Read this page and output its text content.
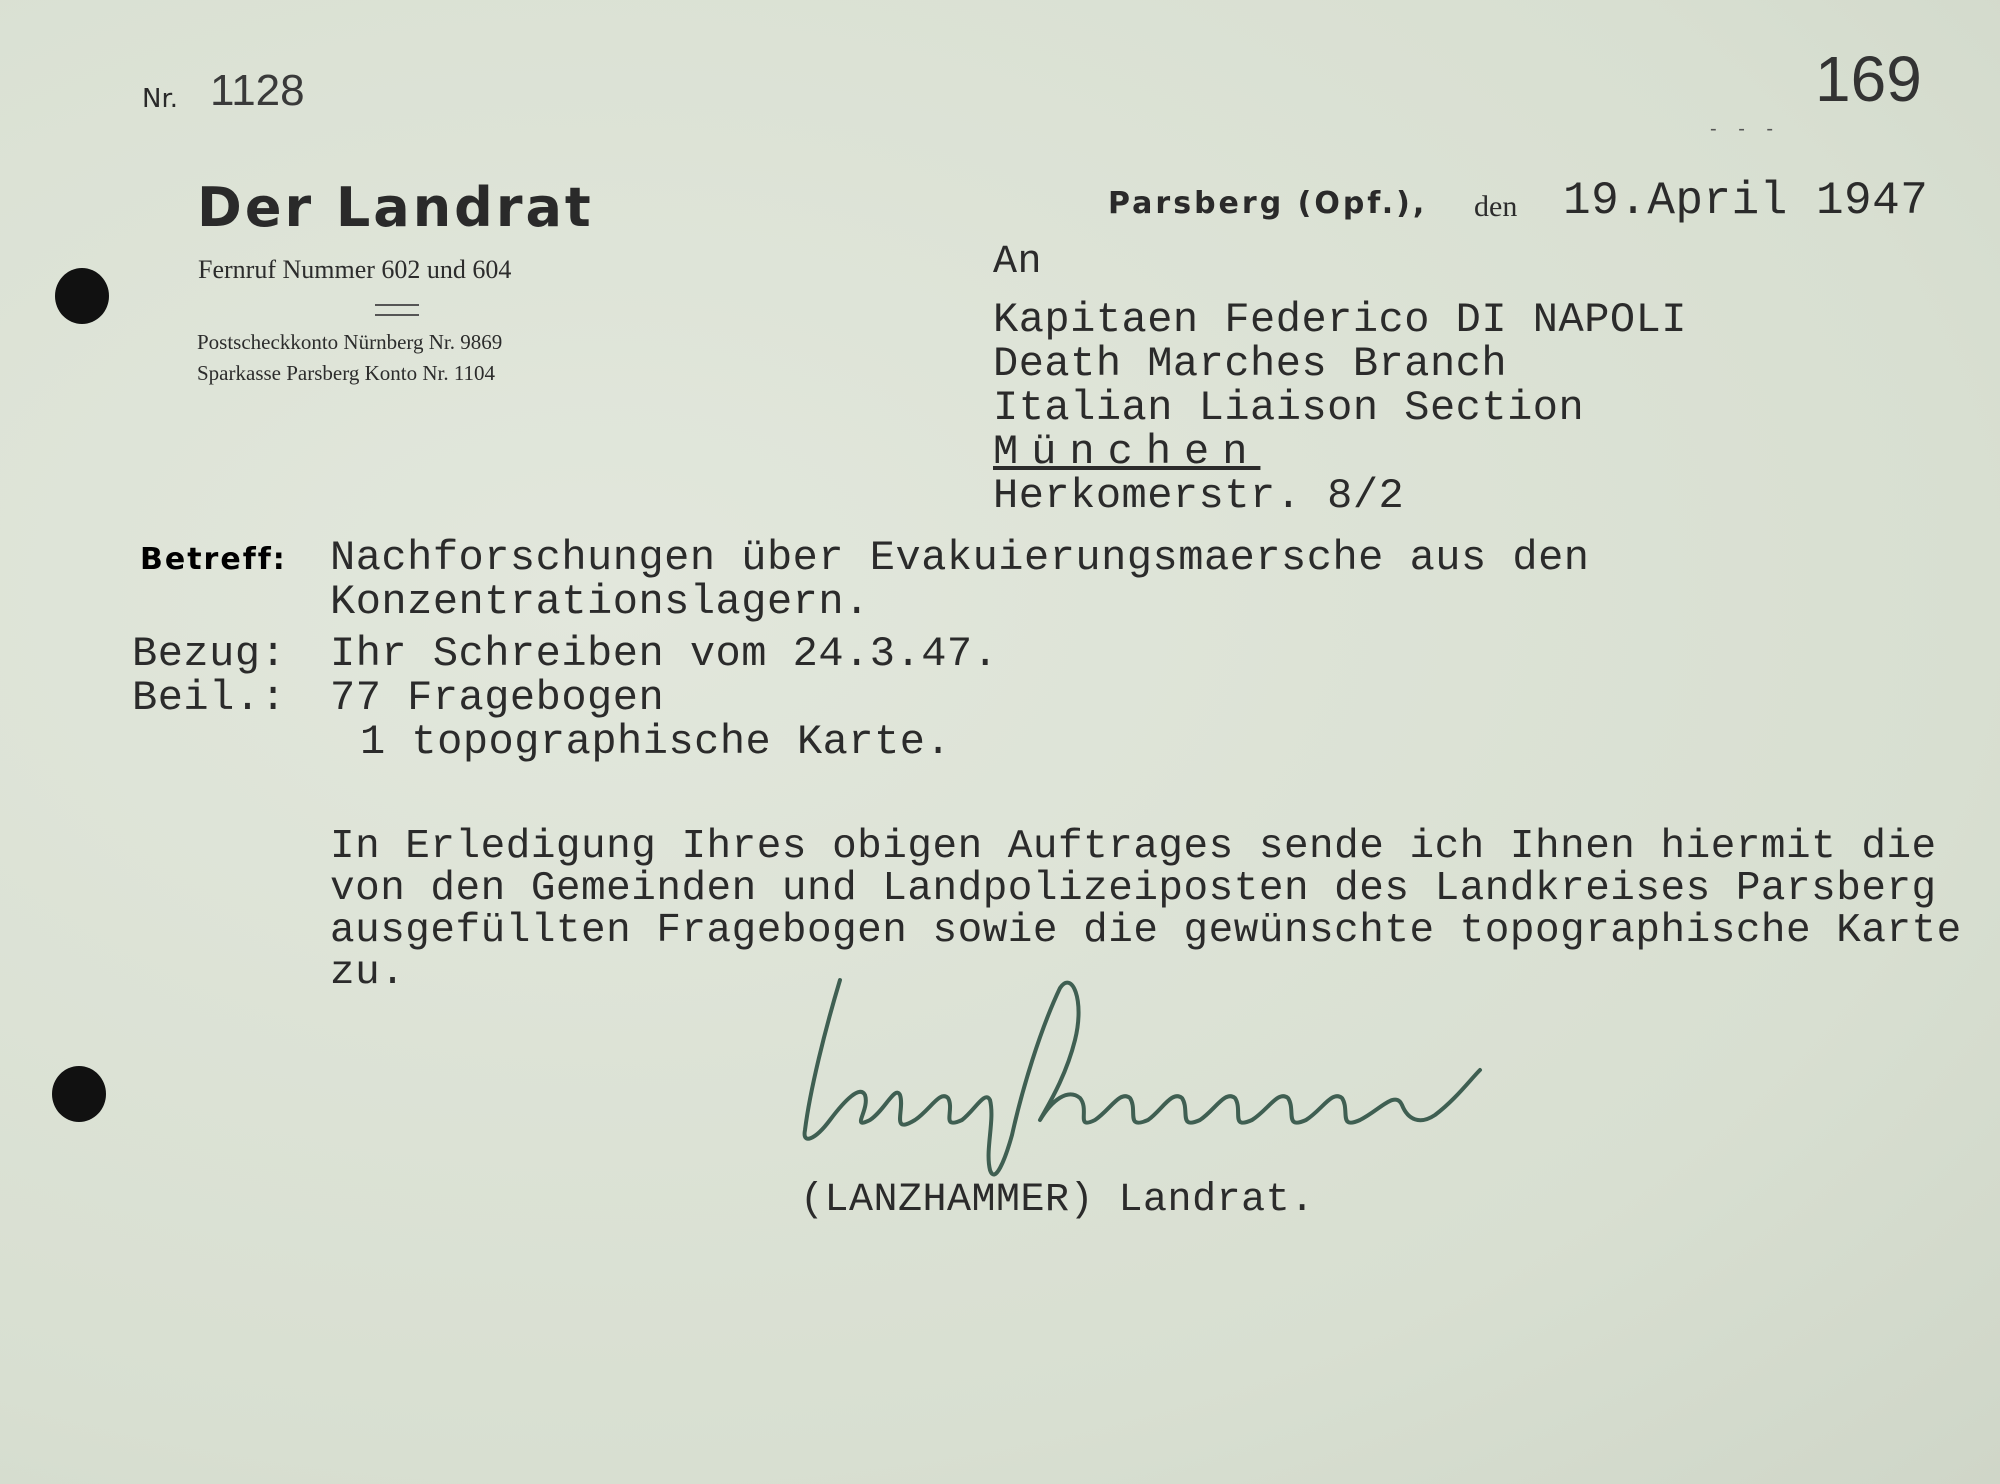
Nr. 1128	169
- - -
Der Landrat
Fernruf Nummer 602 und 604
Postscheckkonto Nürnberg Nr. 9869
Sparkasse Parsberg Konto Nr. 1104
Parsberg (Opf.), den 19.April 1947
An
Kapitaen Federico DI NAPOLI
Death Marches Branch
Italian Liaison Section
München
Herkomerstr. 8/2
Betreff: Nachforschungen über Evakuierungsmaersche aus den
Konzentrationslagern.
Bezug: Ihr Schreiben vom 24.3.47.
Beil.: 77 Fragebogen
1 topographische Karte.
In Erledigung Ihres obigen Auftrages sende ich Ihnen hiermit die
von den Gemeinden und Landpolizeiposten des Landkreises Parsberg
ausgefüllten Fragebogen sowie die gewünschte topographische Karte
zu.
(LANZHAMMER) Landrat.
